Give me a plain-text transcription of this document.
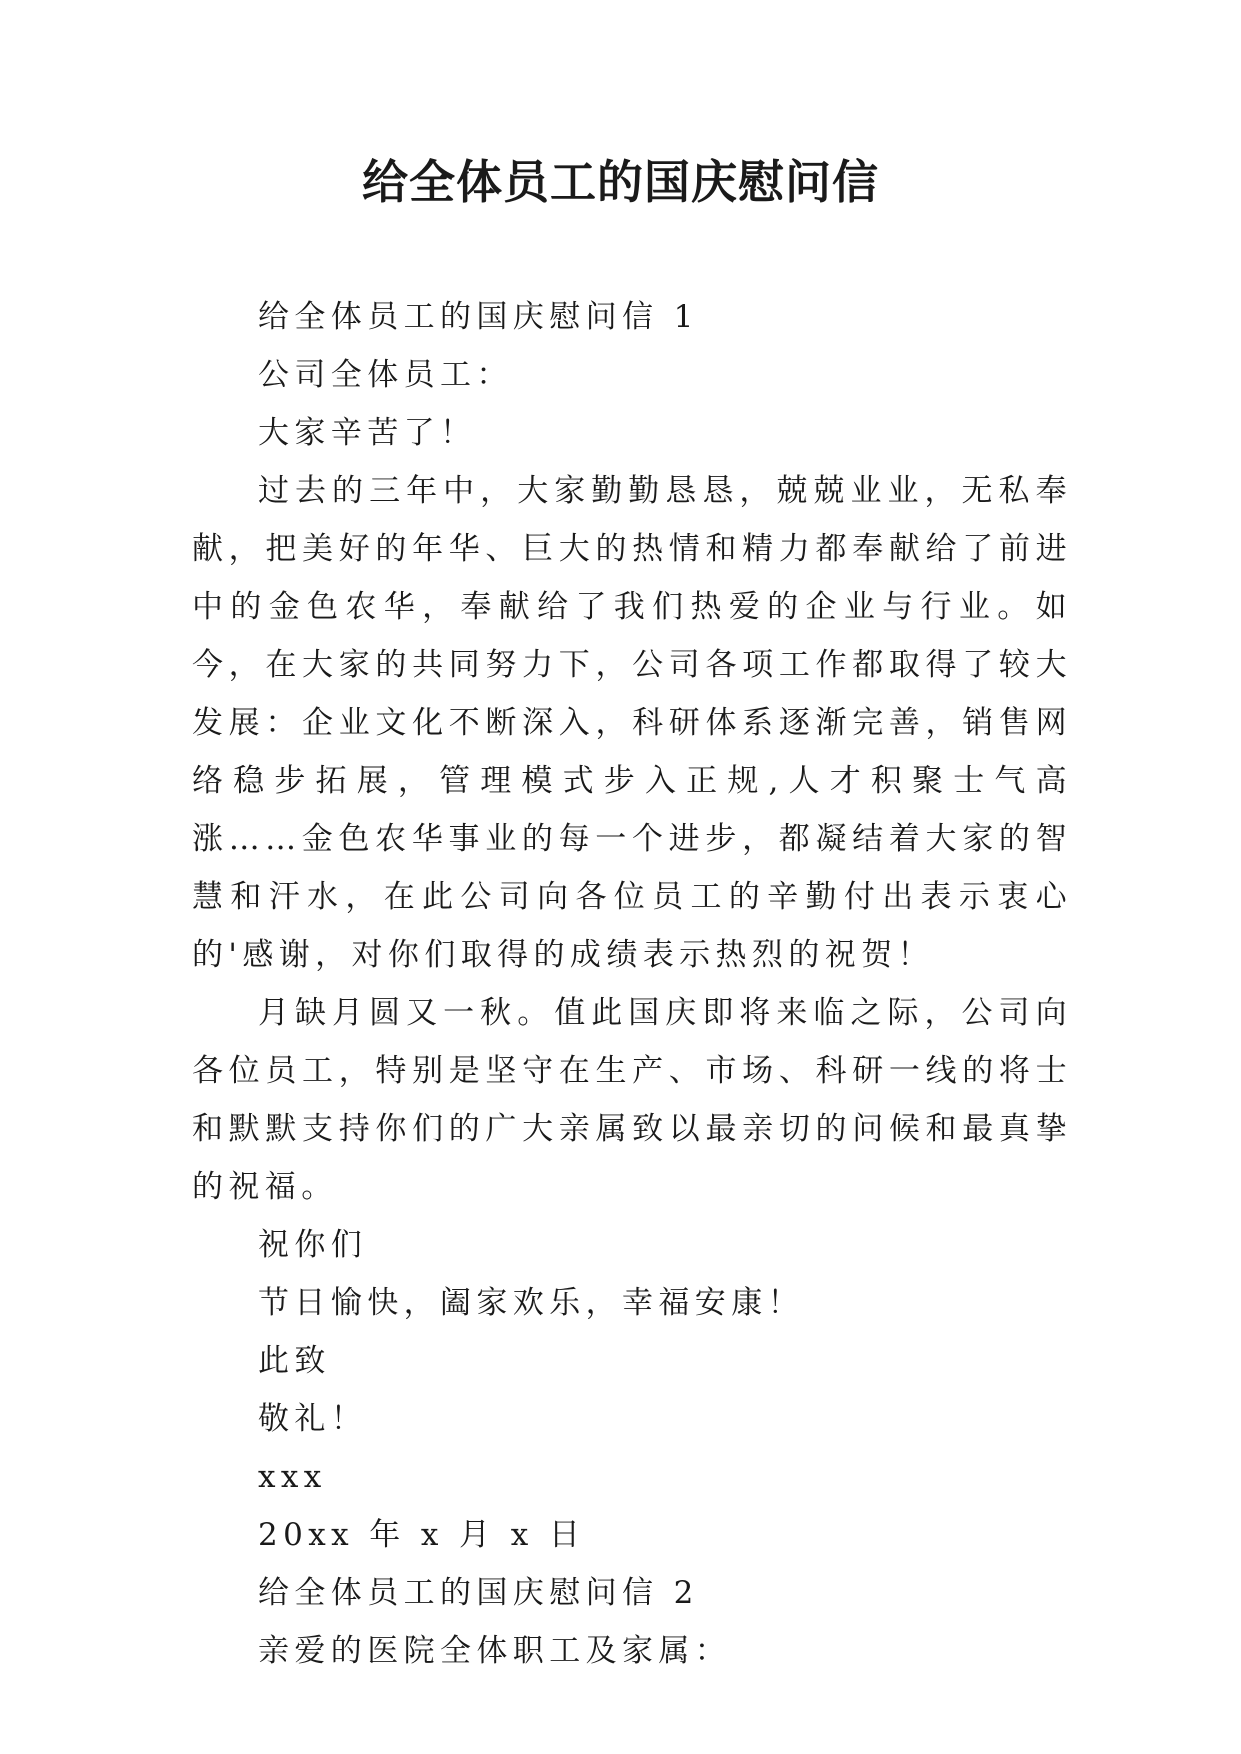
给全体员工的国庆慰问信

给全体员工的国庆慰问信 1

公司全体员工：

大家辛苦了！

过去的三年中，大家勤勤恳恳，兢兢业业，无私奉献，把美好的年华、巨大的热情和精力都奉献给了前进中的金色农华，奉献给了我们热爱的企业与行业。如今，在大家的共同努力下，公司各项工作都取得了较大发展：企业文化不断深入，科研体系逐渐完善，销售网络稳步拓展，管理模式步入正规,人才积聚士气高涨……金色农华事业的每一个进步，都凝结着大家的智慧和汗水，在此公司向各位员工的辛勤付出表示衷心的'感谢，对你们取得的成绩表示热烈的祝贺！

月缺月圆又一秋。值此国庆即将来临之际，公司向各位员工，特别是坚守在生产、市场、科研一线的将士和默默支持你们的广大亲属致以最亲切的问候和最真挚的祝福。

祝你们

节日愉快，阖家欢乐，幸福安康！

此致

敬礼！

xxx

20xx 年 x 月 x 日

给全体员工的国庆慰问信 2

亲爱的医院全体职工及家属：
